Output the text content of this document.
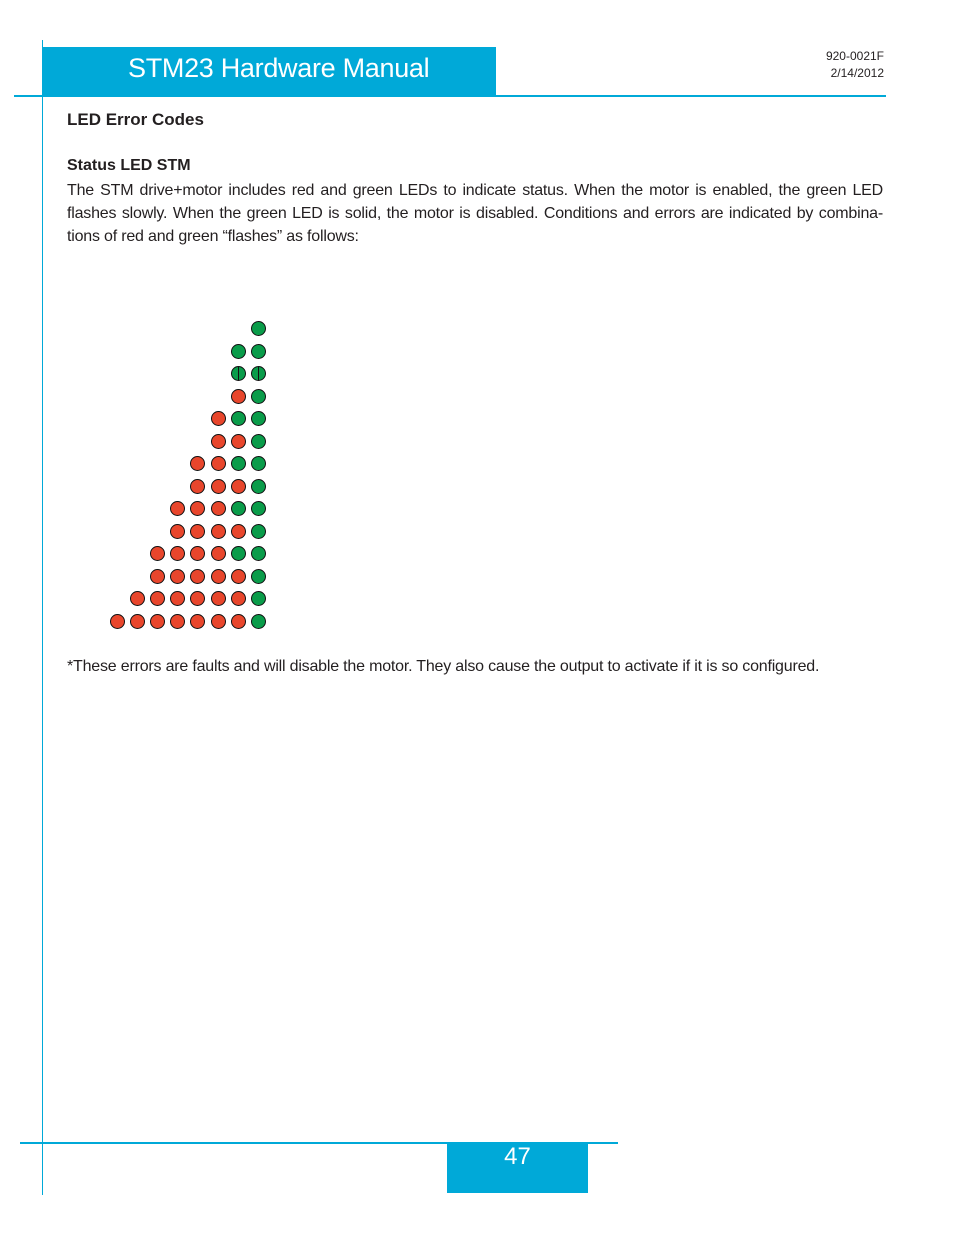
STM23 Hardware Manual	920-0021F
2/14/2012
LED Error Codes
Status LED STM
The STM drive+motor includes red and green LEDs to indicate status. When the motor is enabled, the green LED flashes slowly. When the green LED is solid, the motor is disabled. Conditions and errors are indicated by combina-tions of red and green “flashes” as follows:
*These errors are faults and will disable the motor. They also cause the output to activate if it is so configured.
47
